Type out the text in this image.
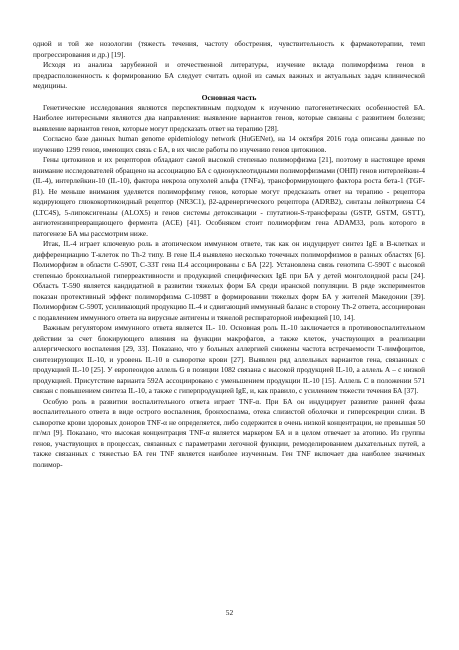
одной и той же нозологии (тяжесть течения, частоту обострения, чувствительность к фармакотерапии, темп прогрессирования и др.) [19].

Исходя из анализа зарубежной и отечественной литературы, изучение вклада полиморфизма генов в предрасположенность к формированию БА следует считать одной из самых важных и актуальных задач клинической медицины.

Основная часть

Генетические исследования являются перспективным подходом к изучению патогенетических особенностей БА. Наиболее интересными являются два направления: выявление вариантов генов, которые связаны с развитием болезни; выявление вариантов генов, которые могут предсказать ответ на терапию [28].

Согласно базе данных human genome epidemiology network (HuGENet), на 14 октября 2016 года описаны данные по изучению 1299 генов, имеющих связь с БА, в их числе работы по изучению генов цитокинов.

Гены цитокинов и их рецепторов обладают самой высокой степенью полиморфизма [21], поэтому в настоящее время внимание исследователей обращено на ассоциацию БА с однонуклеотидными полиморфизмами (ОНП) генов интерлейкин-4 (IL-4), интерлейкин-10 (IL-10), фактора некроза опухолей альфа (TNFa), трансформирующего фактора роста бета-1 (TGF-β1). Не меньше внимания уделяется полиморфизму генов, которые могут предсказать ответ на терапию - рецептора кодирующего глюкокортикоидный рецептор (NR3C1), β2-адренергического рецептора (ADRB2), синтазы лейкотриена С4 (LTC4S), 5-липоксигеназы (ALOX5) и генов системы детоксикации - глутатион-S-трансферазы (GSTP, GSTM, GSTT), ангиотензинпревращающего фермента (ACE) [41]. Особняком стоит полиморфизм гена ADAM33, роль которого в патогенезе БА мы рассмотрим ниже.

Итак, IL-4 играет ключевую роль в атопическом иммунном ответе, так как он индуцирует синтез IgE в В-клетках и дифференциацию Т-клеток по Th-2 типу. В гене IL4 выявлено несколько точечных полиморфизмов в разных областях [6]. Полиморфизм в области С-590Т, С-33Т гена IL4 ассоциированы с БА [22]. Установлена связь генотипа С-590Т с высокой степенью бронхиальной гиперреактивности и продукцией специфических IgE при БА у детей монголоидной расы [24]. Область Т-590 является кандидатной в развитии тяжелых форм БА среди иранской популяции. В ряде экспериментов показан протективный эффект полиморфизма С-1098Т в формировании тяжелых форм БА у жителей Македонии [39]. Полиморфизм С-590Т, усиливающий продукцию IL-4 и сдвигающий иммунный баланс в сторону Th-2 ответа, ассоциирован с подавлением иммунного ответа на вирусные антигены и тяжелой респираторной инфекцией [10, 14].

Важным регулятором иммунного ответа является IL- 10. Основная роль IL-10 заключается в противовоспалительном действии за счет блокирующего влияния на функции макрофагов, а также клеток, участвующих в реализации аллергического воспаления [29, 33]. Показано, что у больных аллергией снижены частота встречаемости Т-лимфоцитов, синтезирующих IL-10, и уровень IL-10 в сыворотке крови [27]. Выявлен ряд аллельных вариантов гена, связанных с продукцией IL-10 [25]. У европеоидов аллель G в позиции 1082 связана с высокой продукцией IL-10, а аллель А – с низкой продукцией. Присутствие варианта 592А ассоциировано с уменьшением продукции IL-10 [15]. Аллель С в положении 571 связан с повышением синтеза IL-10, а также с гиперпродукцией IgE, и, как правило, с усилением тяжести течения БА [37].

Особую роль в развитии воспалительного ответа играет TNF-α. При БА он индуцирует развитие ранней фазы воспалительного ответа в виде острого воспаления, бронхоспазма, отека слизистой оболочки и гиперсекреции слизи. В сыворотке крови здоровых доноров TNF-α не определяется, либо содержится в очень низкой концентрации, не превышая 50 пг/мл [9]. Показано, что высокая концентрация TNF-α является маркером БА и в целом отвечает за атопию. Из группы генов, участвующих в процессах, связанных с параметрами легочной функции, ремоделированием дыхательных путей, а также связанных с тяжестью БА ген TNF является наиболее изученным. Ген TNF включает два наиболее значимых полимор-

52
